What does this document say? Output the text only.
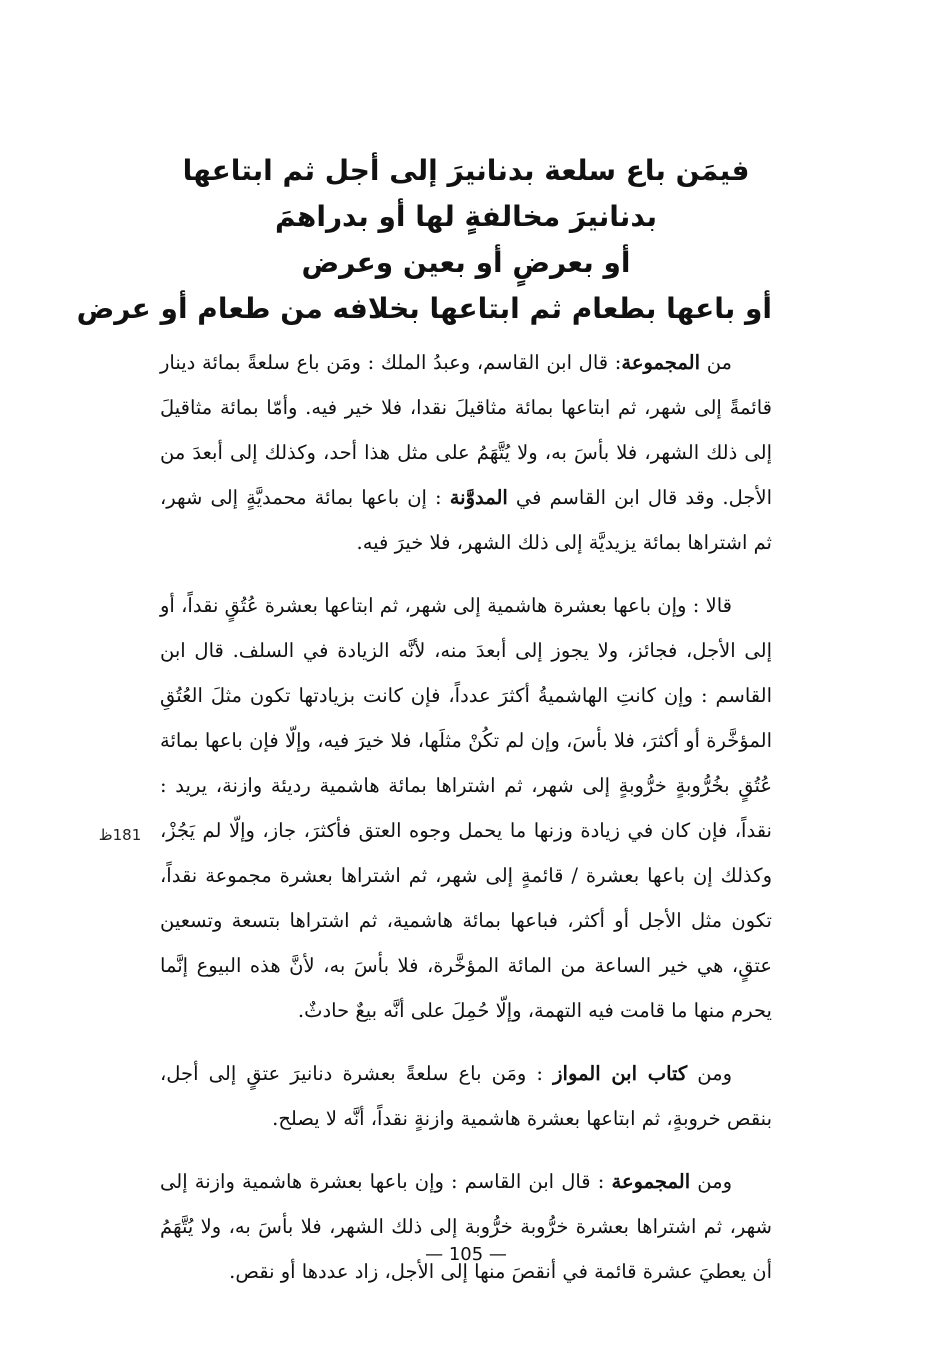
فيمَن باع سلعة بدنانيرَ إلى أجل ثم ابتاعها
بدنانيرَ مخالفةٍ لها أو بدراهمَ
أو بعرضٍ أو بعين وعرض
أو باعها بطعام ثم ابتاعها بخلافه من طعام أو عرض

من المجموعة: قال ابن القاسم، وعبدُ الملك : ومَن باع سلعةً بمائة دينار قائمةً إلى شهر، ثم ابتاعها بمائة مثاقيلَ نقدا، فلا خير فيه. وأمّا بمائة مثاقيلَ إلى ذلك الشهر، فلا بأسَ به، ولا يُتَّهَمُ على مثل هذا أحد، وكذلك إلى أبعدَ من الأجل. وقد قال ابن القاسم في المدوَّنة : إن باعها بمائة محمديَّةٍ إلى شهر، ثم اشتراها بمائة يزيديَّة إلى ذلك الشهر، فلا خيرَ فيه.

قالا : وإن باعها بعشرة هاشمية إلى شهر، ثم ابتاعها بعشرة عُتُقٍ نقداً، أو إلى الأجل، فجائز، ولا يجوز إلى أبعدَ منه، لأنَّه الزيادة في السلف. قال ابن القاسم : وإن كانتِ الهاشميةُ أكثرَ عدداً، فإن كانت بزيادتها تكون مثلَ العُتُقِ المؤخَّرة أو أكثرَ، فلا بأسَ، وإن لم تكُنْ مثلَها، فلا خيرَ فيه، وإلّا فإن باعها بمائة عُتُقٍ بخُرُّوبةٍ خرُّوبةٍ إلى شهر، ثم اشتراها بمائة هاشمية رديئة وازنة، يريد : نقداً، فإن كان في زيادة وزنها ما يحمل وجوه العتق فأكثرَ، جاز، وإلّا لم يَجُزْ، وكذلك إن باعها بعشرة / قائمةٍ إلى شهر، ثم اشتراها بعشرة مجموعة نقداً، تكون مثل الأجل أو أكثر، فباعها بمائة هاشمية، ثم اشتراها بتسعة وتسعين عتقٍ، هي خير الساعة من المائة المؤخَّرة، فلا بأسَ به، لأنَّ هذه البيوع إنَّما يحرم منها ما قامت فيه التهمة، وإلّا حُمِلَ على أنَّه بيعٌ حادثٌ.

ومن كتاب ابن المواز : ومَن باع سلعةً بعشرة دنانيرَ عتقٍ إلى أجل، بنقص خروبةٍ، ثم ابتاعها بعشرة هاشمية وازنةٍ نقداً، أنَّه لا يصلح.

ومن المجموعة : قال ابن القاسم : وإن باعها بعشرة هاشمية وازنة إلى شهر، ثم اشتراها بعشرة خرُّوبة خرُّوبة إلى ذلك الشهر، فلا بأسَ به، ولا يُتَّهَمُ أن يعطيَ عشرة قائمة في أنقصَ منها إلى الأجل، زاد عددها أو نقص.

181ظ
— 105 —
